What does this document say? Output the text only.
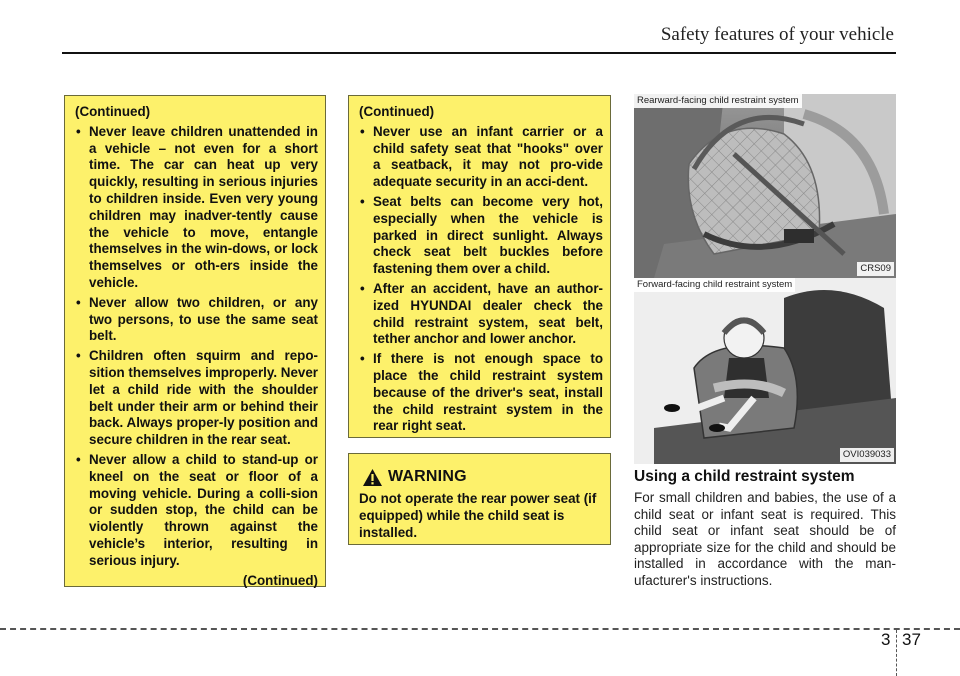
Safety features of your vehicle
(Continued)
• Never leave children unattended in a vehicle – not even for a short time. The car can heat up very quickly, resulting in serious injuries to children inside. Even very young children may inadver-tently cause the vehicle to move, entangle themselves in the win-dows, or lock themselves or oth-ers inside the vehicle.
• Never allow two children, or any two persons, to use the same seat belt.
• Children often squirm and repo-sition themselves improperly. Never let a child ride with the shoulder belt under their arm or behind their back. Always proper-ly position and secure children in the rear seat.
• Never allow a child to stand-up or kneel on the seat or floor of a moving vehicle. During a colli-sion or sudden stop, the child can be violently thrown against the vehicle’s interior, resulting in serious injury.
(Continued)
(Continued)
• Never use an infant carrier or a child safety seat that "hooks" over a seatback, it may not pro-vide adequate security in an acci-dent.
• Seat belts can become very hot, especially when the vehicle is parked in direct sunlight. Always check seat belt buckles before fastening them over a child.
• After an accident, have an author-ized HYUNDAI dealer check the child restraint system, seat belt, tether anchor and lower anchor.
• If there is not enough space to place the child restraint system because of the driver's seat, install the child restraint system in the rear right seat.
WARNING
Do not operate the rear power seat (if equipped) while the child seat is installed.
Rearward-facing child restraint system
CRS09
Forward-facing child restraint system
OVI039033
Using a child restraint system

For small children and babies, the use of a child seat or infant seat is required. This child seat or infant seat should be of appropriate size for the child and should be installed in accordance with the man-ufacturer's instructions.

3 37
